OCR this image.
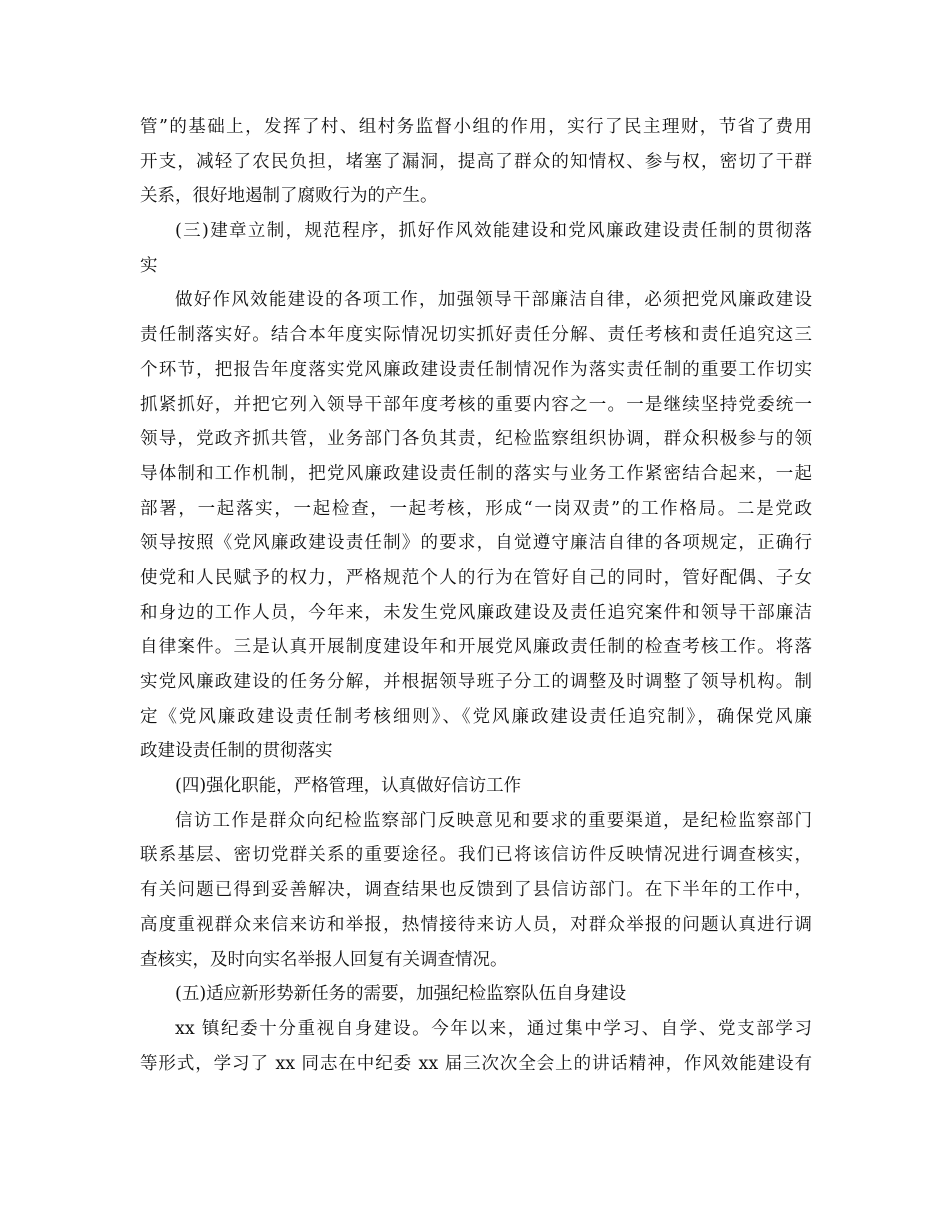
管”的基础上，发挥了村、组村务监督小组的作用，实行了民主理财，节省了费用
开支，减轻了农民负担，堵塞了漏洞，提高了群众的知情权、参与权，密切了干群
关系，很好地遏制了腐败行为的产生。
(三)建章立制，规范程序，抓好作风效能建设和党风廉政建设责任制的贯彻落
实
做好作风效能建设的各项工作，加强领导干部廉洁自律，必须把党风廉政建设
责任制落实好。结合本年度实际情况切实抓好责任分解、责任考核和责任追究这三
个环节，把报告年度落实党风廉政建设责任制情况作为落实责任制的重要工作切实
抓紧抓好，并把它列入领导干部年度考核的重要内容之一。一是继续坚持党委统一
领导，党政齐抓共管，业务部门各负其责，纪检监察组织协调，群众积极参与的领
导体制和工作机制，把党风廉政建设责任制的落实与业务工作紧密结合起来，一起
部署，一起落实，一起检查，一起考核，形成“一岗双责”的工作格局。二是党政
领导按照《党风廉政建设责任制》的要求，自觉遵守廉洁自律的各项规定，正确行
使党和人民赋予的权力，严格规范个人的行为在管好自己的同时，管好配偶、子女
和身边的工作人员，今年来，未发生党风廉政建设及责任追究案件和领导干部廉洁
自律案件。三是认真开展制度建设年和开展党风廉政责任制的检查考核工作。将落
实党风廉政建设的任务分解，并根据领导班子分工的调整及时调整了领导机构。制
定《党风廉政建设责任制考核细则》、《党风廉政建设责任追究制》，确保党风廉
政建设责任制的贯彻落实
(四)强化职能，严格管理，认真做好信访工作
信访工作是群众向纪检监察部门反映意见和要求的重要渠道，是纪检监察部门
联系基层、密切党群关系的重要途径。我们已将该信访件反映情况进行调查核实，
有关问题已得到妥善解决，调查结果也反馈到了县信访部门。在下半年的工作中，
高度重视群众来信来访和举报，热情接待来访人员，对群众举报的问题认真进行调
查核实，及时向实名举报人回复有关调查情况。
(五)适应新形势新任务的需要，加强纪检监察队伍自身建设
xx 镇纪委十分重视自身建设。今年以来，通过集中学习、自学、党支部学习
等形式，学习了 xx 同志在中纪委 xx 届三次次全会上的讲话精神，作风效能建设有
